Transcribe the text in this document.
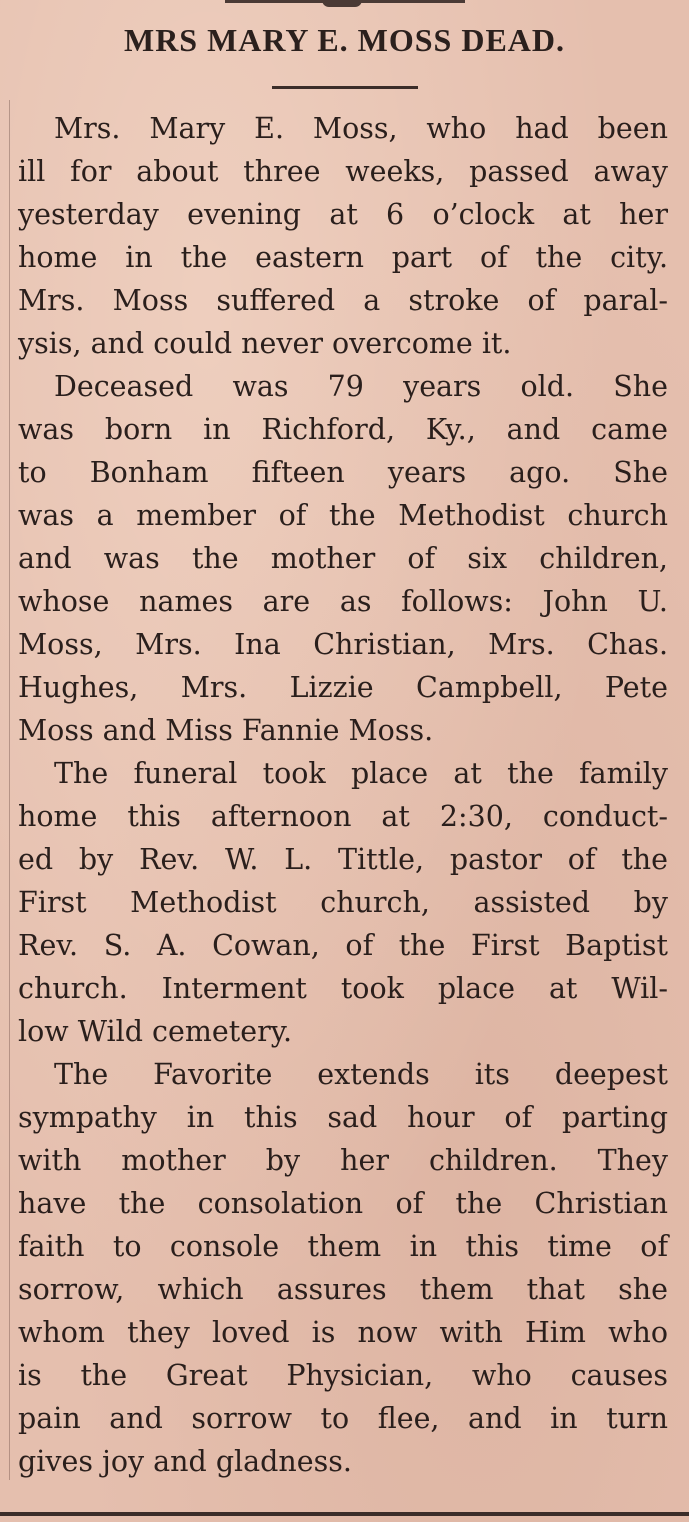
MRS MARY E. MOSS DEAD.
Mrs. Mary E. Moss, who had been
ill for about three weeks, passed away
yesterday evening at 6 o’clock at her
home in the eastern part of the city.
Mrs. Moss suffered a stroke of paral-
ysis, and could never overcome it.
Deceased was 79 years old. She
was born in Richford, Ky., and came
to Bonham fifteen years ago. She
was a member of the Methodist church
and was the mother of six children,
whose names are as follows: John U.
Moss, Mrs. Ina Christian, Mrs. Chas.
Hughes, Mrs. Lizzie Campbell, Pete
Moss and Miss Fannie Moss.
The funeral took place at the family
home this afternoon at 2:30, conduct-
ed by Rev. W. L. Tittle, pastor of the
First Methodist church, assisted by
Rev. S. A. Cowan, of the First Baptist
church. Interment took place at Wil-
low Wild cemetery.
The Favorite extends its deepest
sympathy in this sad hour of parting
with mother by her children. They
have the consolation of the Christian
faith to console them in this time of
sorrow, which assures them that she
whom they loved is now with Him who
is the Great Physician, who causes
pain and sorrow to flee, and in turn
gives joy and gladness.
